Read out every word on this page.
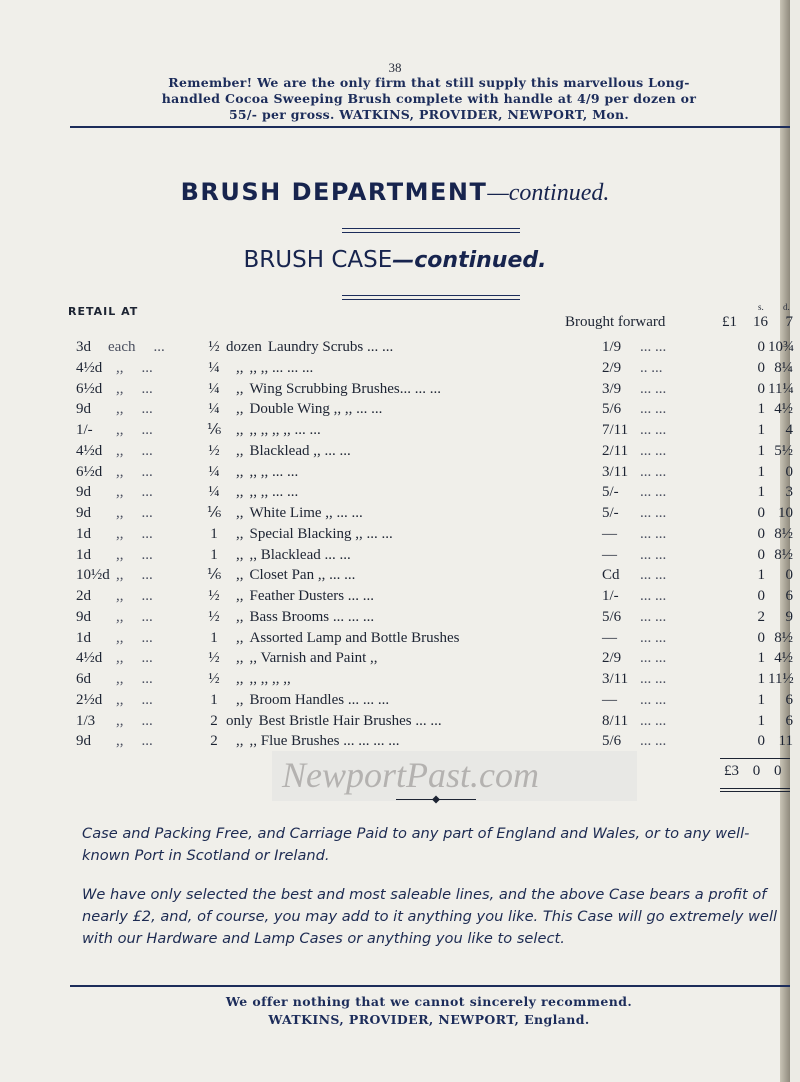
38
Remember! We are the only firm that still supply this marvellous Long-
handled Cocoa Sweeping Brush complete with handle at 4/9 per dozen or
55/- per gross. WATKINS, PROVIDER, NEWPORT, Mon.
BRUSH DEPARTMENT—continued.
BRUSH CASE—continued.
RETAIL AT	s. d.
Brought forward	£1 16	7
3d each ...	½ dozen Laundry Scrubs ... ...	1/9 ... ...	0 10¾
4½d ,, ...	¼	,, ,, ,, ... ... ...	2/9 .. ...	0 8¼
6½d ,, ...	¼	,, Wing Scrubbing Brushes... ... ...	3/9 ... ...	0 11¼
9d ,, ...	¼	,, Double Wing ,, ,, ... ...	5/6 ... ...	1 4½
1/- ,, ...	⅙ ,, ,, ,, ,, ,, ... ...	7/11 ... ...	1	4
4½d ,, ...	½	,, Blacklead ,, ... ...	2/11 ... ...	1 5½
6½d ,, ...	¼	,, ,, ,, ... ...	3/11 ... ...	1	0
9d ,, ...	¼	,, ,, ,, ... ...	5/- ... ...	1	3
9d ,, ...	⅙ ,, White Lime ,, ... ...	5/- ... ...	0 10
1d ,, ...	1	,, Special Blacking ,, ... ...	— ... ...	0 8½
1d ,, ...	1	,, ,, Blacklead ... ...	— ... ...	0 8½
10½d ,, ...	⅙ ,, Closet Pan ,, ... ...	Cd ... ...	1	0
2d ,, ...	½	,, Feather Dusters ... ...	1/- ... ...	0	6
9d ,, ...	½	,, Bass Brooms ... ... ...	5/6 ... ...	2	9
1d ,, ...	1	,, Assorted Lamp and Bottle Brushes	— ... ...	0 8½
4½d ,, ...	½	,, ,, Varnish and Paint ,,	2/9 ... ...	1 4½
6d ,, ...	½	,, ,, ,, ,, ,,	3/11 ... ...	1 11½
2½d ,, ...	1	,, Broom Handles ... ... ...	— ... ...	1	6
1/3 ,, ...	2 only Best Bristle Hair Brushes ... ...	8/11 ... ...	1	6
9d ,, ...	2	,, ,, Flue Brushes ... ... ... ...	5/6 ... ...	0 11
NewportPast.com	£3 0 0
Case and Packing Free, and Carriage Paid to any part of England and Wales, or to any well-known Port in Scotland or Ireland.
We have only selected the best and most saleable lines, and the above Case bears a profit of nearly £2, and, of course, you may add to it anything you like. This Case will go extremely well with our Hardware and Lamp Cases or anything you like to select.
We offer nothing that we cannot sincerely recommend.
WATKINS, PROVIDER, NEWPORT, England.
